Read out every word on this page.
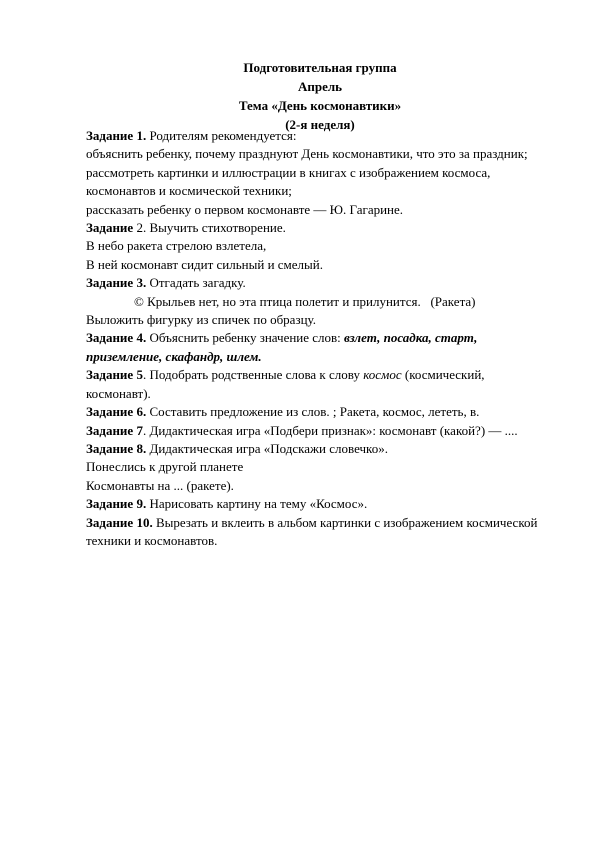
Подготовительная группа
Апрель
Тема «День космонавтики»
(2-я неделя)
Задание 1. Родителям рекомендуется:
объяснить ребенку, почему празднуют День космонавтики, что это за праздник;
рассмотреть картинки и иллюстрации в книгах с изображением космоса, космонавтов и космической техники;
рассказать ребенку о первом космонавте — Ю. Гагарине.
Задание 2. Выучить стихотворение.
В небо ракета стрелою взлетела,
В ней космонавт сидит сильный и смелый.
Задание 3. Отгадать загадку.
© Крыльев нет, но эта птица полетит и прилунится.   (Ракета)
Выложить фигурку из спичек по образцу.
Задание 4. Объяснить ребенку значение слов: взлет, посадка, старт, приземление, скафандр, шлем.
Задание 5. Подобрать родственные слова к слову космос (космический, космонавт).
Задание 6. Составить предложение из слов. ; Ракета, космос, лететь, в.
Задание 7. Дидактическая игра «Подбери признак»: космонавт (какой?) — ....
Задание 8. Дидактическая игра «Подскажи словечко».
Понеслись к другой планете
Космонавты на ... (ракете).
Задание 9. Нарисовать картину на тему «Космос».
Задание 10. Вырезать и вклеить в альбом картинки с изображением космической техники и космонавтов.
